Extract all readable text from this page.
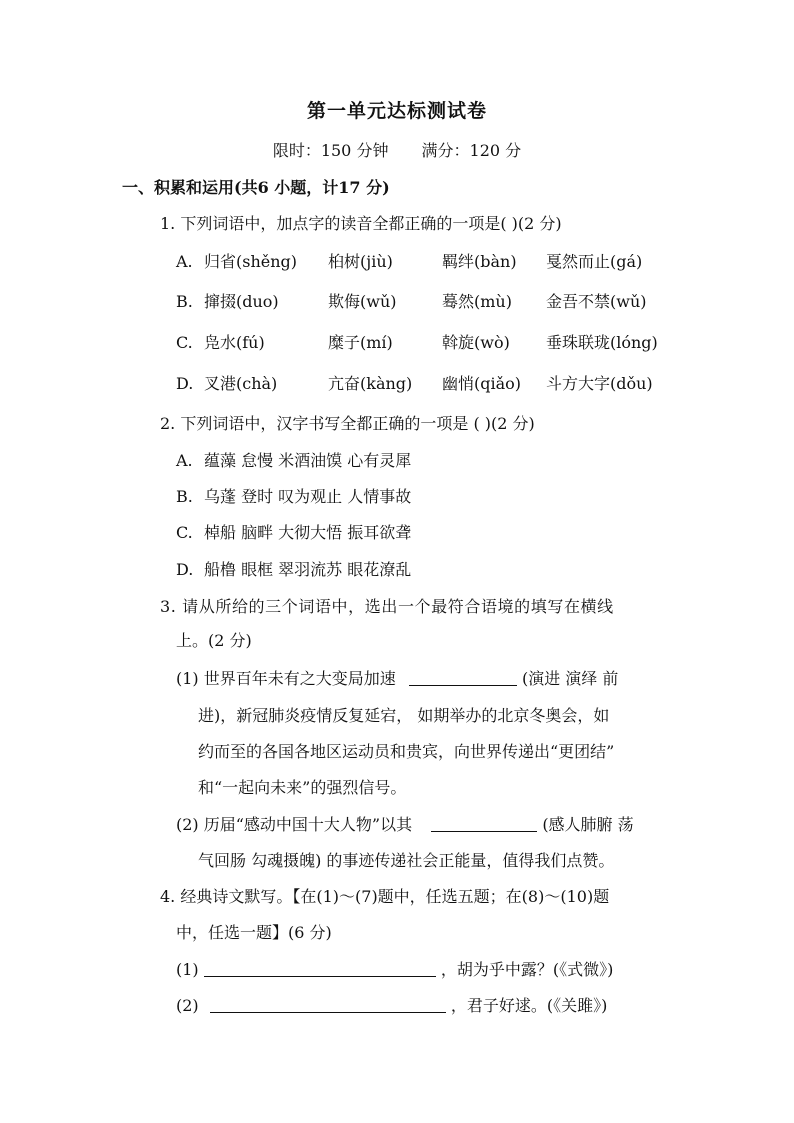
第一单元达标测试卷
限时：150 分钟 满分：120 分
一、积累和运用(共6 小题，计17 分)
1. 下列词语中，加点字的读音全都正确的一项是( )(2 分)
A. 归省(shěng) 桕树(jiù)	羁绊(bàn) 戛然而止(gá)
B. 撺掇(duo)	欺侮(wǔ)	蓦然(mù) 金吾不禁(wǔ)
C. 凫水(fú)	糜子(mí)	斡旋(wò) 垂珠联珑(lóng)
D. 叉港(chà)	亢奋(kàng) 幽悄(qiǎo) 斗方大字(dǒu)
2. 下列词语中，汉字书写全都正确的一项是 ( )(2 分)
A. 蕴藻 怠慢 米酒油馍 心有灵犀
B. 乌蓬 登时 叹为观止 人情事故
C. 棹船 脑畔 大彻大悟 振耳欲聋
D. 船橹 眼框 翠羽流苏 眼花潦乱
3. 请从所给的三个词语中，选出一个最符合语境的填写在横线
上。(2 分)
(1) 世界百年未有之大变局加速	(演进 演绎 前
进)，新冠肺炎疫情反复延宕， 如期举办的北京冬奥会，如
约而至的各国各地区运动员和贵宾，向世界传递出“更团结”
和“一起向未来”的强烈信号。
(2) 历届“感动中国十大人物”以其	(感人肺腑 荡
气回肠 勾魂摄魄) 的事迹传递社会正能量，值得我们点赞。
4. 经典诗文默写。【在(1)～(7)题中，任选五题；在(8)～(10)题
中，任选一题】(6 分)
(1)	，胡为乎中露？(《式微》)
(2)	，君子好逑。(《关雎》)
